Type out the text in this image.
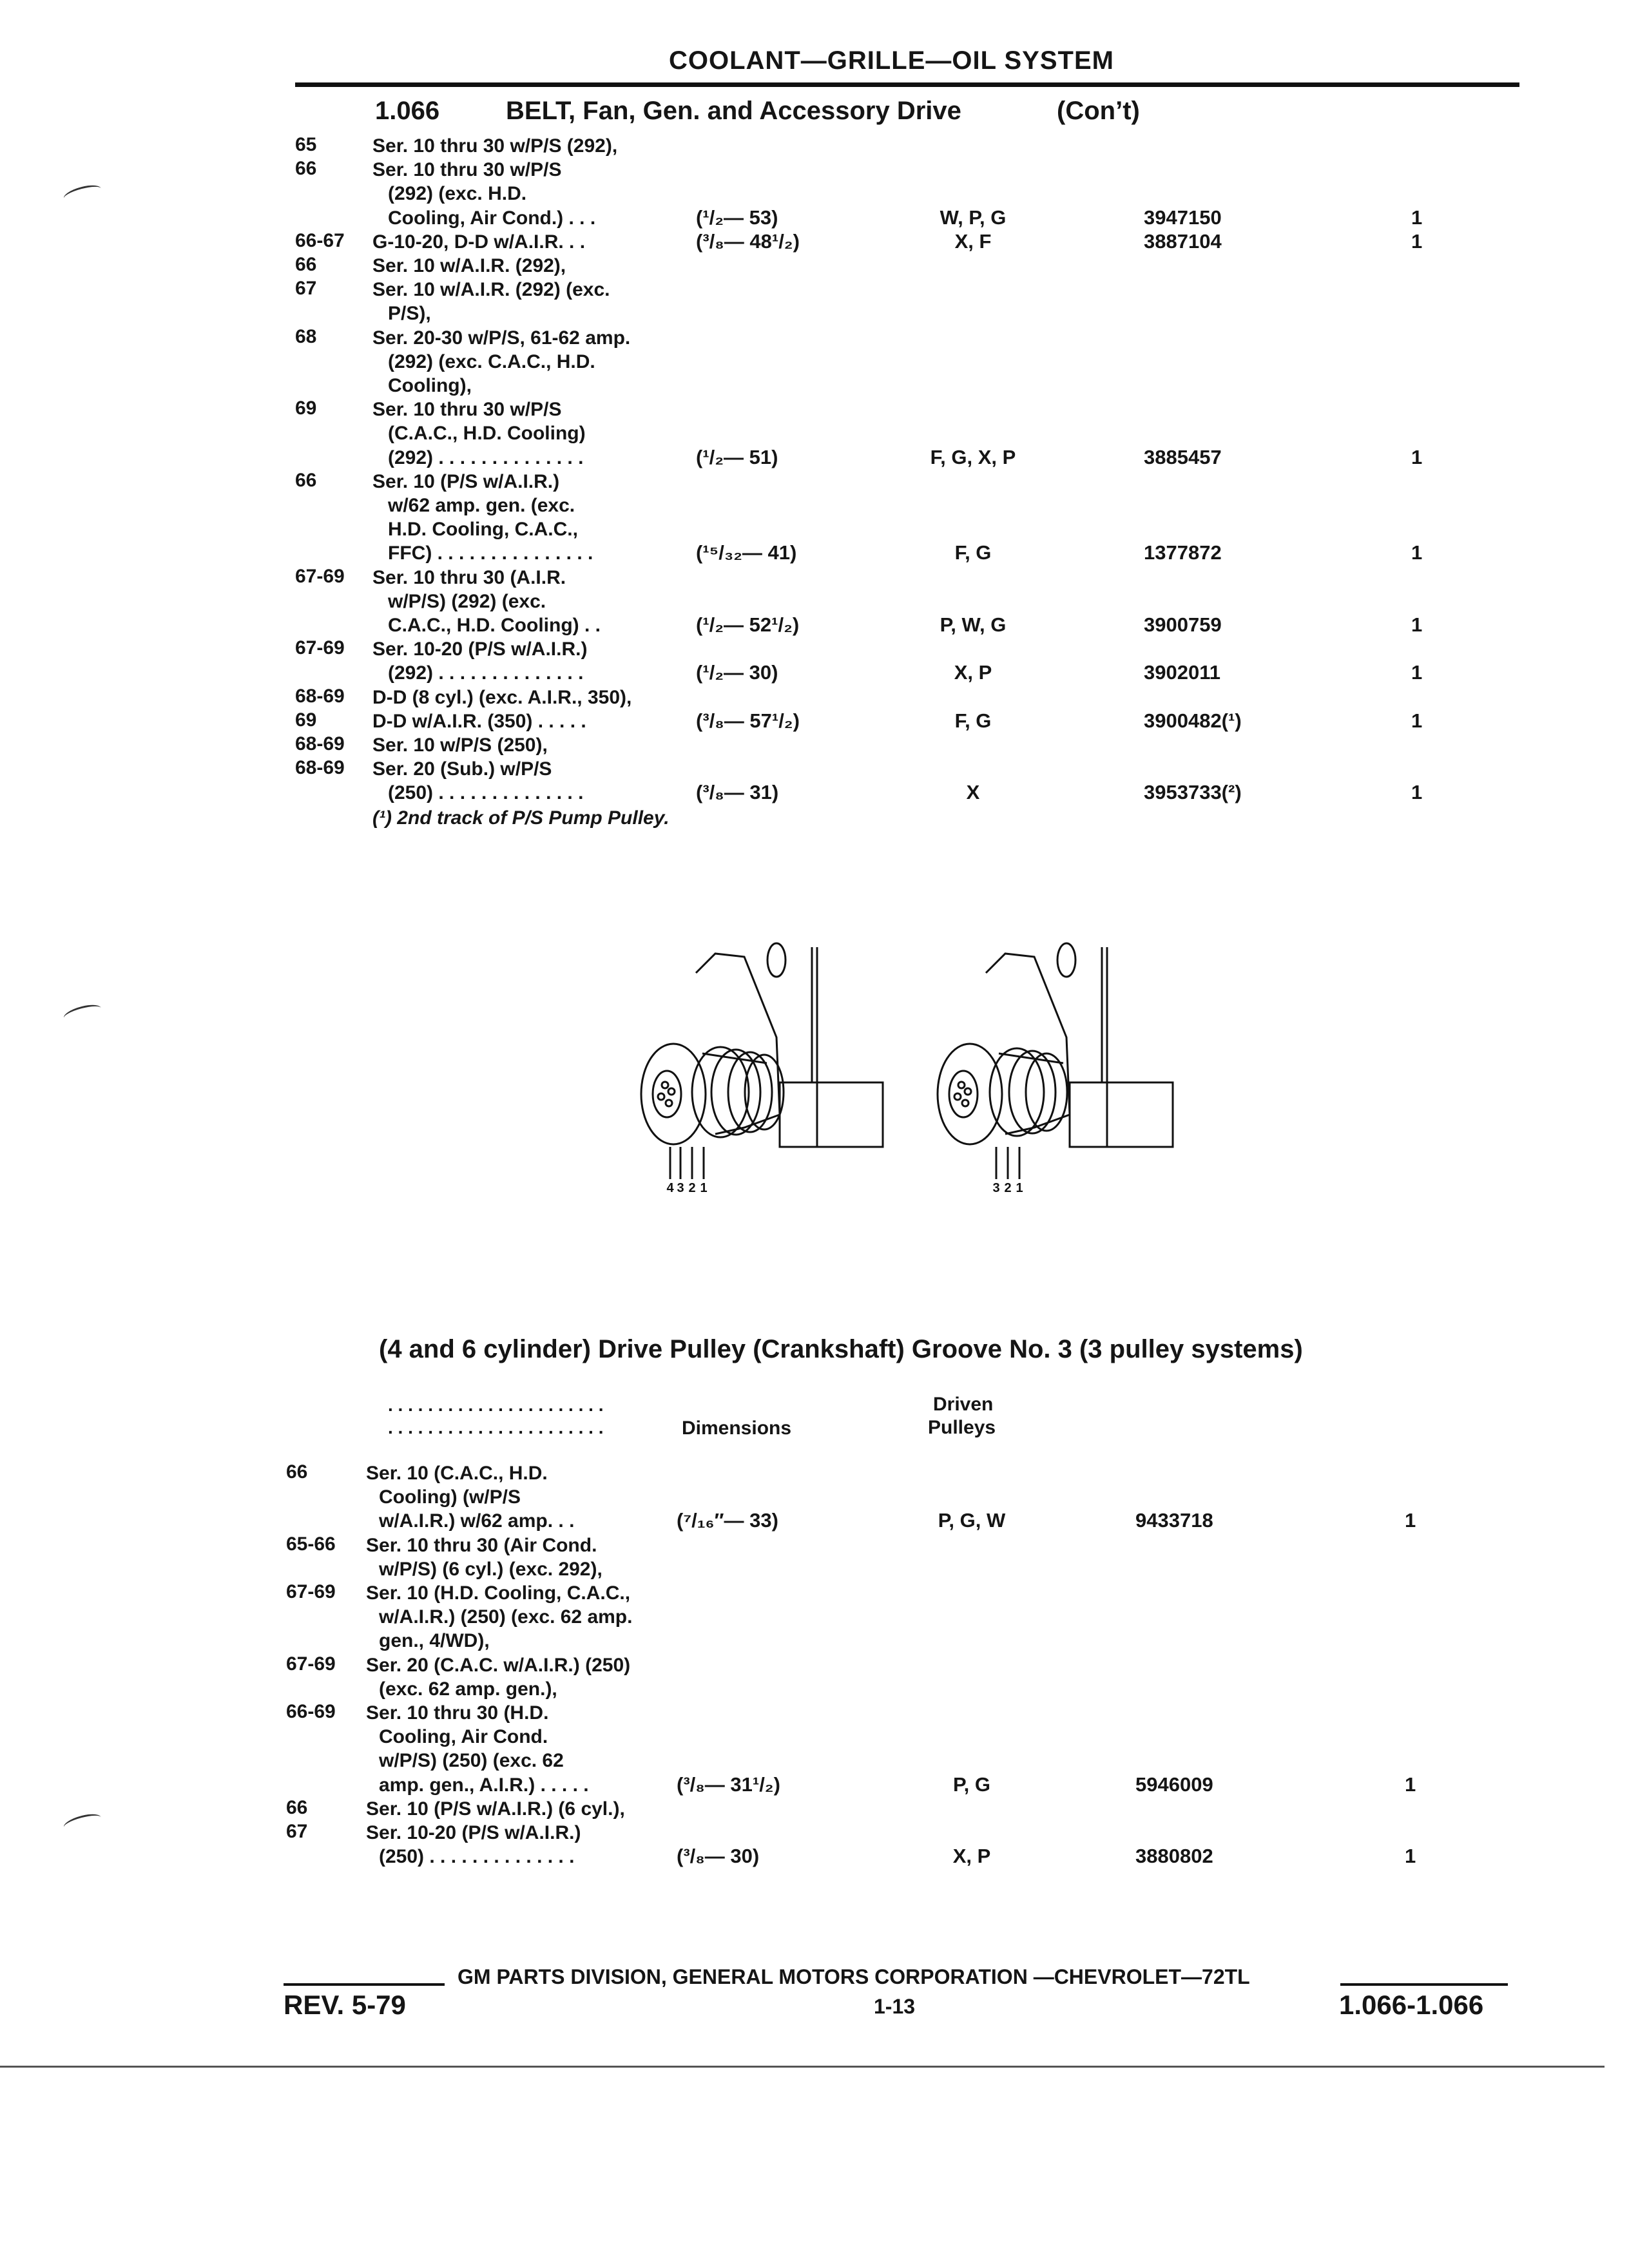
COOLANT—GRILLE—OIL SYSTEM
1.066	BELT, Fan, Gen. and Accessory Drive	(Con’t)
65	Ser. 10 thru 30 w/P/S (292),
66	Ser. 10 thru 30 w/P/S
(292) (exc. H.D.
Cooling, Air Cond.) . . .	(¹/₂— 53)	W, P, G	3947150	1
66-67 G-10-20, D-D w/A.I.R. . .	(³/₈— 48¹/₂)	X, F	3887104	1
66	Ser. 10 w/A.I.R. (292),
67	Ser. 10 w/A.I.R. (292) (exc.
P/S),
68	Ser. 20-30 w/P/S, 61-62 amp.
(292) (exc. C.A.C., H.D.
Cooling),
69	Ser. 10 thru 30 w/P/S
(C.A.C., H.D. Cooling)
(292) . . . . . . . . . . . . . .	(¹/₂— 51)	F, G, X, P	3885457	1
66	Ser. 10 (P/S w/A.I.R.)
w/62 amp. gen. (exc.
H.D. Cooling, C.A.C.,
FFC) . . . . . . . . . . . . . . .	(¹⁵/₃₂— 41)	F, G	1377872	1
67-69 Ser. 10 thru 30 (A.I.R.
w/P/S) (292) (exc.
C.A.C., H.D. Cooling) . .	(¹/₂— 52¹/₂)	P, W, G	3900759	1
67-69 Ser. 10-20 (P/S w/A.I.R.)
(292) . . . . . . . . . . . . . .	(¹/₂— 30)	X, P	3902011	1
68-69 D-D (8 cyl.) (exc. A.I.R., 350),
69	D-D w/A.I.R. (350) . . . . .	(³/₈— 57¹/₂)	F, G	3900482(¹)	1
68-69 Ser. 10 w/P/S (250),
68-69 Ser. 20 (Sub.) w/P/S
(250) . . . . . . . . . . . . . .	(³/₈— 31)	X	3953733(²)	1
(¹) 2nd track of P/S Pump Pulley.
4 3 2 1	3 2 1
(4 and 6 cylinder) Drive Pulley (Crankshaft) Groove No. 3 (3 pulley systems)
. . . . . . . . . . . . . . . . . . . . . .
. . . . . . . . . . . . . . . . . . . . . .	Dimensions
Driven
Pulleys
66	Ser. 10 (C.A.C., H.D.
Cooling) (w/P/S
w/A.I.R.) w/62 amp. . .	(⁷/₁₆″— 33)	P, G, W	9433718	1
65-66 Ser. 10 thru 30 (Air Cond.
w/P/S) (6 cyl.) (exc. 292),
67-69 Ser. 10 (H.D. Cooling, C.A.C.,
w/A.I.R.) (250) (exc. 62 amp.
gen., 4/WD),
67-69 Ser. 20 (C.A.C. w/A.I.R.) (250)
(exc. 62 amp. gen.),
66-69 Ser. 10 thru 30 (H.D.
Cooling, Air Cond.
w/P/S) (250) (exc. 62
amp. gen., A.I.R.) . . . . .	(³/₈— 31¹/₂)	P, G	5946009	1
66	Ser. 10 (P/S w/A.I.R.) (6 cyl.),
67	Ser. 10-20 (P/S w/A.I.R.)
(250) . . . . . . . . . . . . . .	(³/₈— 30)	X, P	3880802	1
GM PARTS DIVISION, GENERAL MOTORS CORPORATION —CHEVROLET—72TL
REV. 5-79	1-13	1.066-1.066
